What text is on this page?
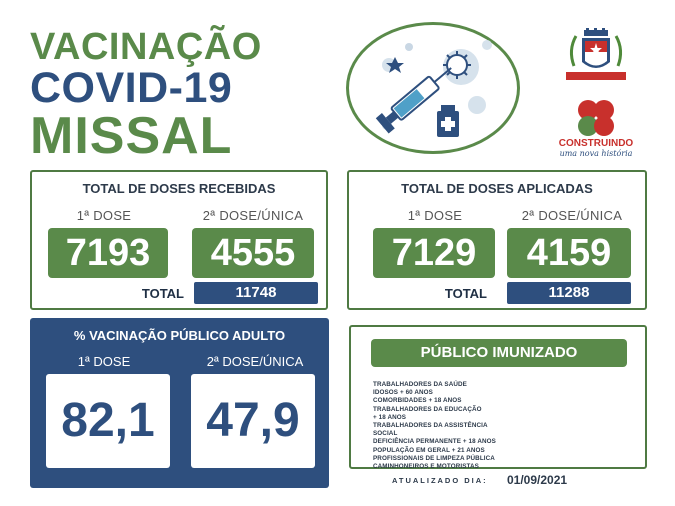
VACINAÇÃO
COVID-19
MISSAL	CONSTRUINDO
uma nova história
TOTAL DE DOSES RECEBIDAS
1ª DOSE	2ª DOSE/ÚNICA
7193	4555
TOTAL	11748
TOTAL DE DOSES APLICADAS
1ª DOSE	2ª DOSE/ÚNICA
7129	4159
TOTAL	11288
% VACINAÇÃO PÚBLICO ADULTO
1ª DOSE	2ª DOSE/ÚNICA
82,1	47,9
PÚBLICO IMUNIZADO
TRABALHADORES DA SAÚDE
IDOSOS + 60 ANOS
COMORBIDADES + 18 ANOS
TRABALHADORES DA EDUCAÇÃO
+ 18 ANOS
TRABALHADORES DA ASSISTÊNCIA
SOCIAL
DEFICIÊNCIA PERMANENTE + 18 ANOS
POPULAÇÃO EM GERAL + 21 ANOS
PROFISSIONAIS DE LIMPEZA PÚBLICA
CAMINHONEIROS E MOTORISTAS
ATUALIZADO DIA:	01/09/2021
